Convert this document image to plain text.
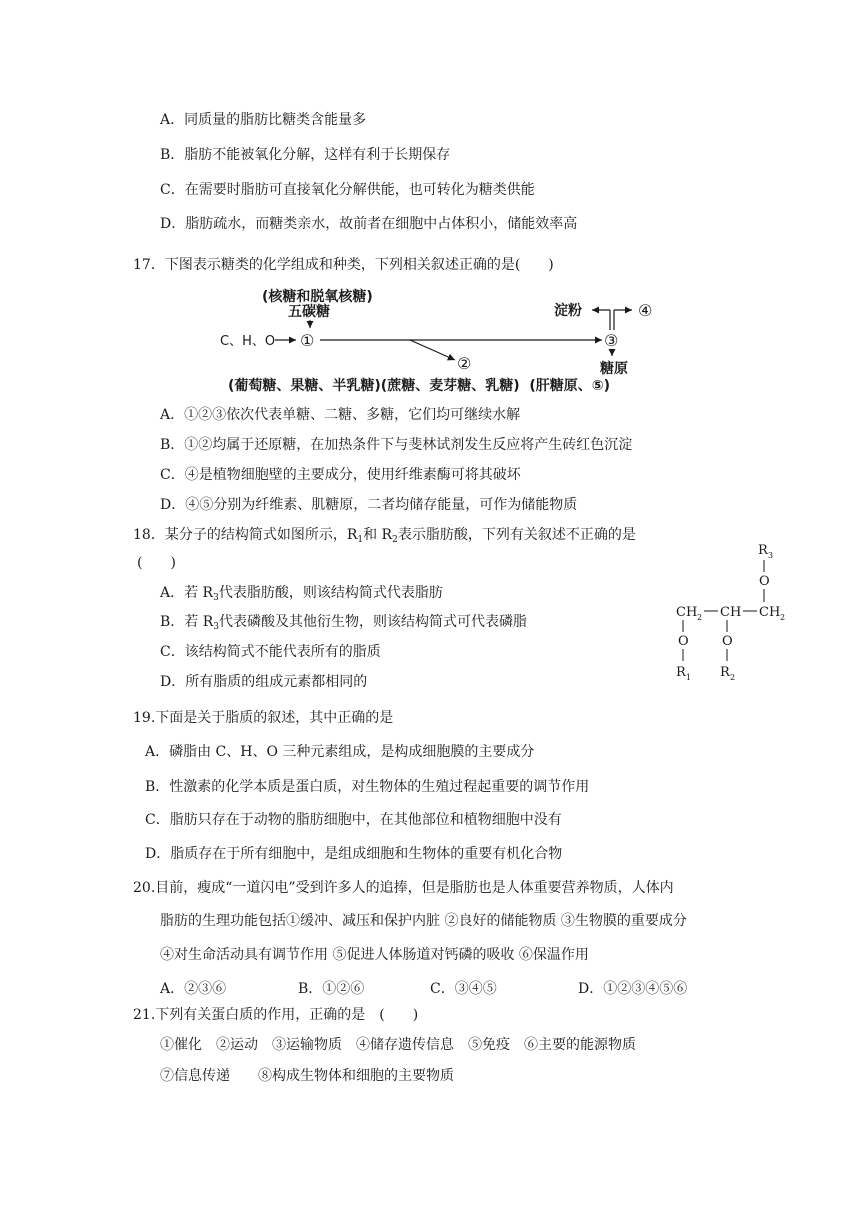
A．同质量的脂肪比糖类含能量多
B．脂肪不能被氧化分解，这样有利于长期保存
C．在需要时脂肪可直接氧化分解供能，也可转化为糖类供能
D．脂肪疏水，而糖类亲水，故前者在细胞中占体积小，储能效率高
17．下图表示糖类的化学组成和种类，下列相关叙述正确的是(　　)
(核糖和脱氧核糖)
五碳糖
C、H、O ①
②
淀粉	④
③
糖原
(葡萄糖、果糖、半乳糖)(蔗糖、麦芽糖、乳糖)  (肝糖原、⑤)
A．①②③依次代表单糖、二糖、多糖，它们均可继续水解
B．①②均属于还原糖，在加热条件下与斐林试剂发生反应将产生砖红色沉淀
C．④是植物细胞壁的主要成分，使用纤维素酶可将其破坏
D．④⑤分别为纤维素、肌糖原，二者均储存能量，可作为储能物质
18．某分子的结构简式如图所示，$R_1$和 $R_2$表示脂肪酸，下列有关叙述不正确的是
(　　)
A．若 $R_3$代表脂肪酸，则该结构简式代表脂肪
B．若 $R_3$代表磷酸及其他衍生物，则该结构简式可代表磷脂
C．该结构简式不能代表所有的脂质
D．所有脂质的组成元素都相同的
R 3
O
CH 2 CH CH 2
O
R 1
O
R 2
19.下面是关于脂质的叙述，其中正确的是
A．磷脂由 C、H、O 三种元素组成，是构成细胞膜的主要成分
B．性激素的化学本质是蛋白质，对生物体的生殖过程起重要的调节作用
C．脂肪只存在于动物的脂肪细胞中，在其他部位和植物细胞中没有
D．脂质存在于所有细胞中，是组成细胞和生物体的重要有机化合物
20.目前，瘦成“一道闪电”受到许多人的追捧，但是脂肪也是人体重要营养物质，人体内
脂肪的生理功能包括①缓冲、减压和保护内脏 ②良好的储能物质 ③生物膜的重要成分
④对生命活动具有调节作用 ⑤促进人体肠道对钙磷的吸收 ⑥保温作用
A．②③⑥	B．①②⑥	C．③④⑤	D．①②③④⑤⑥
21.下列有关蛋白质的作用，正确的是　(　　)
①催化　②运动　③运输物质　④储存遗传信息　⑤免疫　⑥主要的能源物质
⑦信息传递　　⑧构成生物体和细胞的主要物质
